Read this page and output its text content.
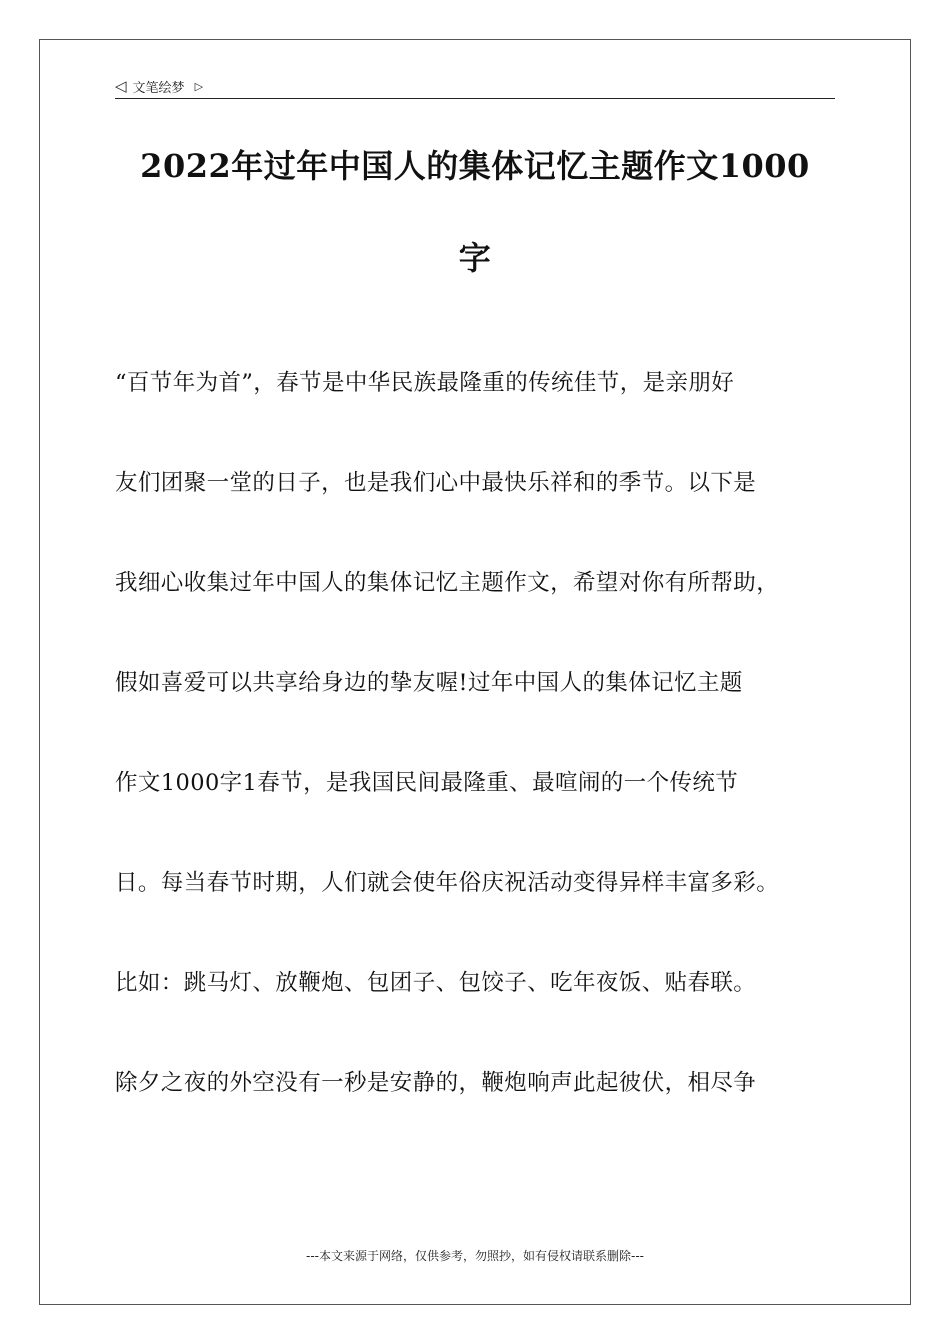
◁ 文笔绘梦 ▷
2022年过年中国人的集体记忆主题作文1000
字
“百节年为首”，春节是中华民族最隆重的传统佳节，是亲朋好
友们团聚一堂的日子，也是我们心中最快乐祥和的季节。以下是
我细心收集过年中国人的集体记忆主题作文，希望对你有所帮助，
假如喜爱可以共享给身边的挚友喔!过年中国人的集体记忆主题
作文1000字1春节，是我国民间最隆重、最喧闹的一个传统节
日。每当春节时期，人们就会使年俗庆祝活动变得异样丰富多彩。
比如：跳马灯、放鞭炮、包团子、包饺子、吃年夜饭、贴春联。
除夕之夜的外空没有一秒是安静的，鞭炮响声此起彼伏，相尽争
---本文来源于网络，仅供参考，勿照抄，如有侵权请联系删除---
